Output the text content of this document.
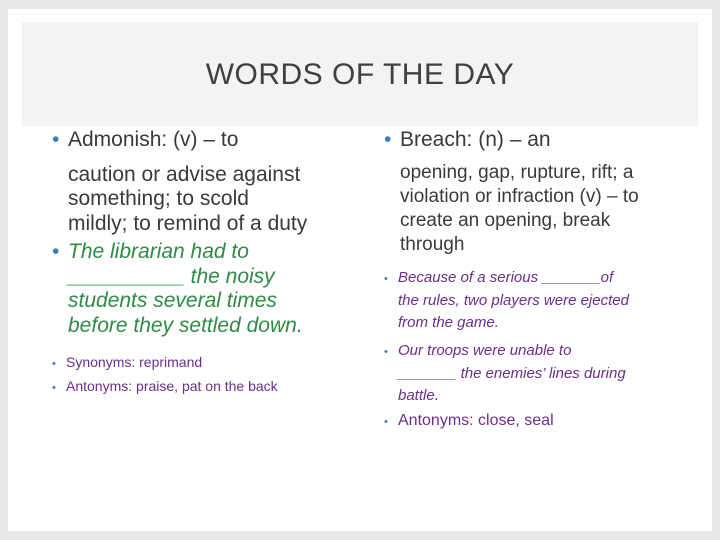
WORDS OF THE DAY
• Admonish: (v) – to
caution or advise against
something; to scold
mildly; to remind of a duty
• The librarian had to
__________ the noisy
students several times
before they settled down.
• Synonyms: reprimand
• Antonyms: praise, pat on the back
• Breach: (n) – an
opening, gap, rupture, rift; a
violation or infraction (v) – to
create an opening, break
through
• Because of a serious _______of
the rules, two players were ejected
from the game.
• Our troops were unable to
_______ the enemies’ lines during
battle.
• Antonyms: close, seal
